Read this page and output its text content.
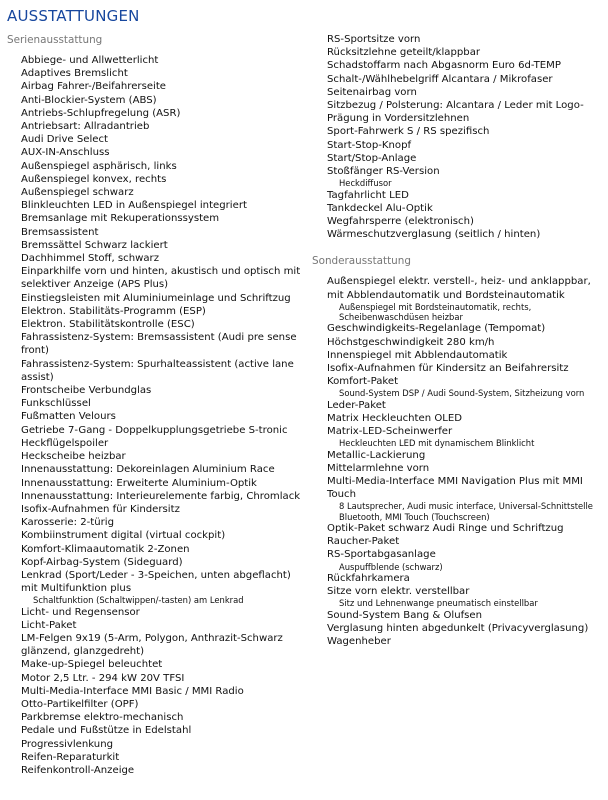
AUSSTATTUNGEN
Serienausstattung
Abbiege- und Allwetterlicht
Adaptives Bremslicht
Airbag Fahrer-/Beifahrerseite
Anti-Blockier-System (ABS)
Antriebs-Schlupfregelung (ASR)
Antriebsart: Allradantrieb
Audi Drive Select
AUX-IN-Anschluss
Außenspiegel asphärisch, links
Außenspiegel konvex, rechts
Außenspiegel schwarz
Blinkleuchten LED in Außenspiegel integriert
Bremsanlage mit Rekuperationssystem
Bremsassistent
Bremssättel Schwarz lackiert
Dachhimmel Stoff, schwarz
Einparkhilfe vorn und hinten, akustisch und optisch mit selektiver Anzeige (APS Plus)
Einstiegsleisten mit Aluminiumeinlage und Schriftzug
Elektron. Stabilitäts-Programm (ESP)
Elektron. Stabilitätskontrolle (ESC)
Fahrassistenz-System: Bremsassistent (Audi pre sense front)
Fahrassistenz-System: Spurhalteassistent (active lane assist)
Frontscheibe Verbundglas
Funkschlüssel
Fußmatten Velours
Getriebe 7-Gang - Doppelkupplungsgetriebe S-tronic
Heckflügelspoiler
Heckscheibe heizbar
Innenausstattung: Dekoreinlagen Aluminium Race
Innenausstattung: Erweiterte Aluminium-Optik
Innenausstattung: Interieurelemente farbig, Chromlack
Isofix-Aufnahmen für Kindersitz
Karosserie: 2-türig
Kombiinstrument digital (virtual cockpit)
Komfort-Klimaautomatik 2-Zonen
Kopf-Airbag-System (Sideguard)
Lenkrad (Sport/Leder - 3-Speichen, unten abgeflacht) mit Multifunktion plus
Schaltfunktion (Schaltwippen/-tasten) am Lenkrad
Licht- und Regensensor
Licht-Paket
LM-Felgen 9x19 (5-Arm, Polygon, Anthrazit-Schwarz glänzend, glanzgedreht)
Make-up-Spiegel beleuchtet
Motor 2,5 Ltr. - 294 kW 20V TFSI
Multi-Media-Interface MMI Basic / MMI Radio
Otto-Partikelfilter (OPF)
Parkbremse elektro-mechanisch
Pedale und Fußstütze in Edelstahl
Progressivlenkung
Reifen-Reparaturkit
Reifenkontroll-Anzeige
RS-Sportsitze vorn
Rücksitzlehne geteilt/klappbar
Schadstoffarm nach Abgasnorm Euro 6d-TEMP
Schalt-/Wählhebelgriff Alcantara / Mikrofaser
Seitenairbag vorn
Sitzbezug / Polsterung: Alcantara / Leder mit Logo-Prägung in Vordersitzlehnen
Sport-Fahrwerk S / RS spezifisch
Start-Stop-Knopf
Start/Stop-Anlage
Stoßfänger RS-Version
Heckdiffusor
Tagfahrlicht LED
Tankdeckel Alu-Optik
Wegfahrsperre (elektronisch)
Wärmeschutzverglasung (seitlich / hinten)
Sonderausstattung
Außenspiegel elektr. verstell-, heiz- und anklappbar, mit Abblendautomatik und Bordsteinautomatik
Außenspiegel mit Bordsteinautomatik, rechts, Scheibenwaschdüsen heizbar
Geschwindigkeits-Regelanlage (Tempomat)
Höchstgeschwindigkeit 280 km/h
Innenspiegel mit Abblendautomatik
Isofix-Aufnahmen für Kindersitz an Beifahrersitz
Komfort-Paket
Sound-System DSP / Audi Sound-System, Sitzheizung vorn
Leder-Paket
Matrix Heckleuchten OLED
Matrix-LED-Scheinwerfer
Heckleuchten LED mit dynamischem Blinklicht
Metallic-Lackierung
Mittelarmlehne vorn
Multi-Media-Interface MMI Navigation Plus mit MMI Touch
8 Lautsprecher, Audi music interface, Universal-Schnittstelle Bluetooth, MMI Touch (Touchscreen)
Optik-Paket schwarz Audi Ringe und Schriftzug
Raucher-Paket
RS-Sportabgasanlage
Auspuffblende (schwarz)
Rückfahrkamera
Sitze vorn elektr. verstellbar
Sitz und Lehnenwange pneumatisch einstellbar
Sound-System Bang & Olufsen
Verglasung hinten abgedunkelt (Privacyverglasung)
Wagenheber
